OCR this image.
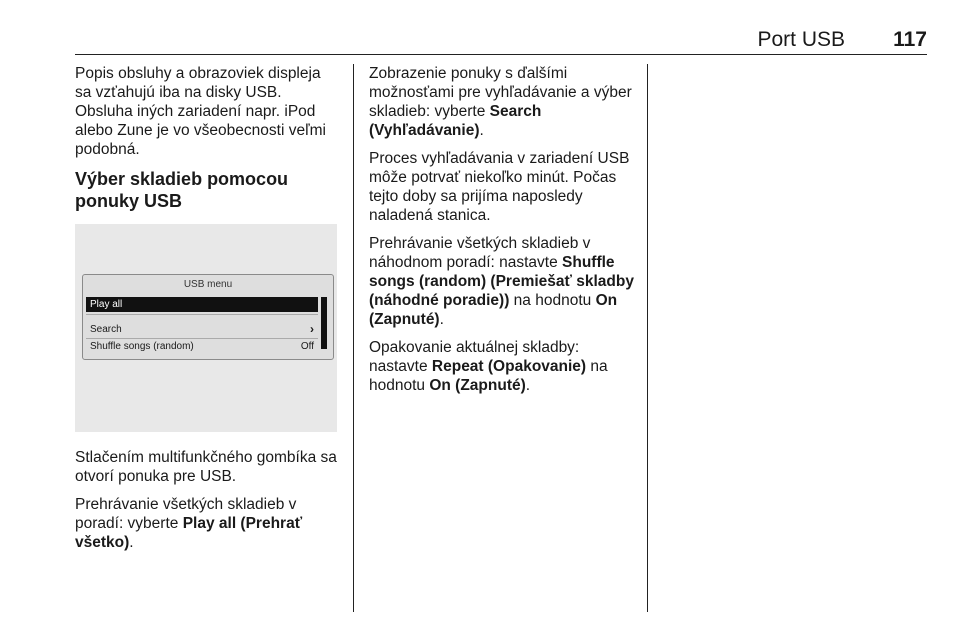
Port USB 117

Popis obsluhy a obrazoviek displeja sa vzťahujú iba na disky USB. Obsluha iných zariadení napr. iPod alebo Zune je vo všeobecnosti veľmi podobná.

Výber skladieb pomocou ponuky USB
USB menu
Play all
Search	›
Shuffle songs (random)	Off

Stlačením multifunkčného gombíka sa otvorí ponuka pre USB.

Prehrávanie všetkých skladieb v poradí: vyberte Play all (Prehrať všetko).

Zobrazenie ponuky s ďalšími možnosťami pre vyhľadávanie a výber skladieb: vyberte Search (Vyhľadávanie).

Proces vyhľadávania v zariadení USB môže potrvať niekoľko minút. Počas tejto doby sa prijíma naposledy naladená stanica.

Prehrávanie všetkých skladieb v náhodnom poradí: nastavte Shuffle songs (random) (Premiešať skladby (náhodné poradie)) na hodnotu On (Zapnuté).

Opakovanie aktuálnej skladby: nastavte Repeat (Opakovanie) na hodnotu On (Zapnuté).
